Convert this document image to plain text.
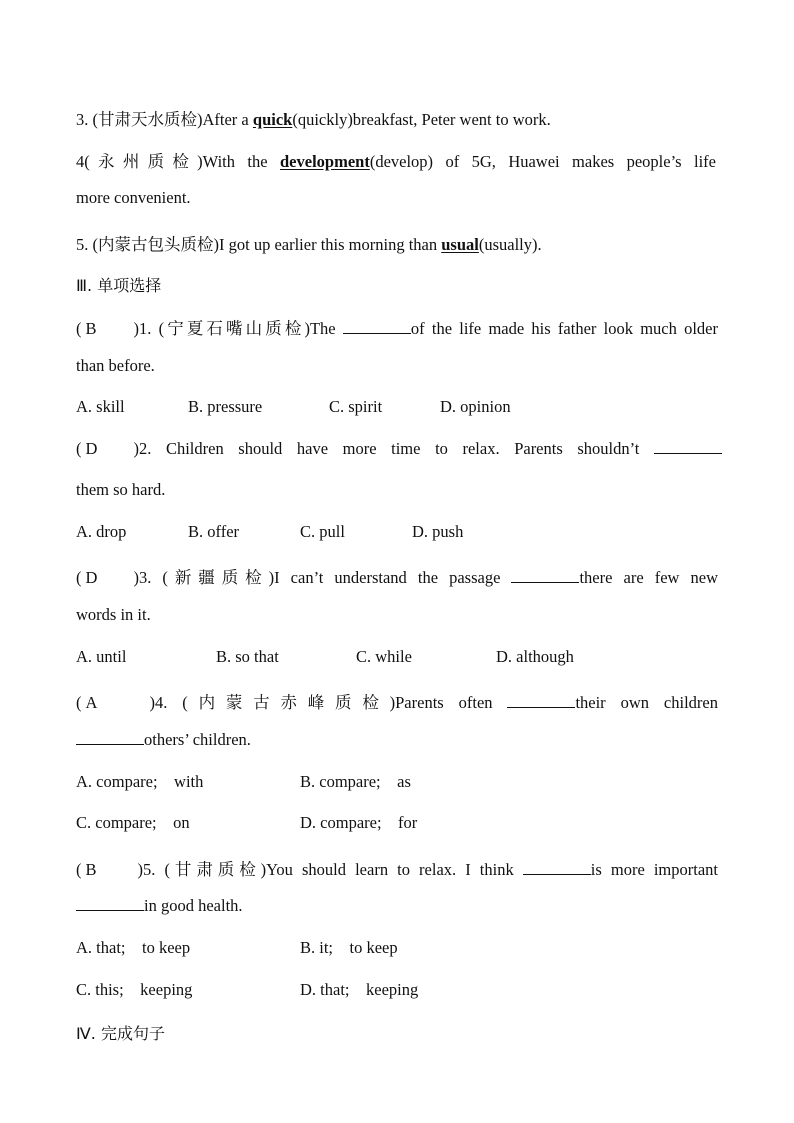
3. (甘肃天水质检)After a quick(quickly)breakfast, Peter went to work.
4(永州质检)With the development(develop) of 5G, Huawei makes people’s life
more convenient.
5. (内蒙古包头质检)I got up earlier this morning than usual(usually).
Ⅲ. 单项选择
( B )1. (宁夏石嘴山质检)The	of the life made his father look much older
than before.
A. skill	B. pressure	C. spirit	D. opinion
( D )2. Children should have more time to relax. Parents shouldn’t
them so hard.
A. drop	B. offer	C. pull	D. push
( D )3. (新疆质检)I can’t understand the passage	there are few new
words in it.
A. until	B. so that	C. while	D. although
( A	)4. (内蒙古赤峰质检)Parents often	their own children
others’ children.
A. compare;    with	B. compare;    as
C. compare;    on	D. compare;    for
( B )5. (甘肃质检)You should learn to relax. I think	is more important
in good health.
A. that;    to keep	B. it;    to keep
C. this;    keeping	D. that;    keeping
Ⅳ. 完成句子
